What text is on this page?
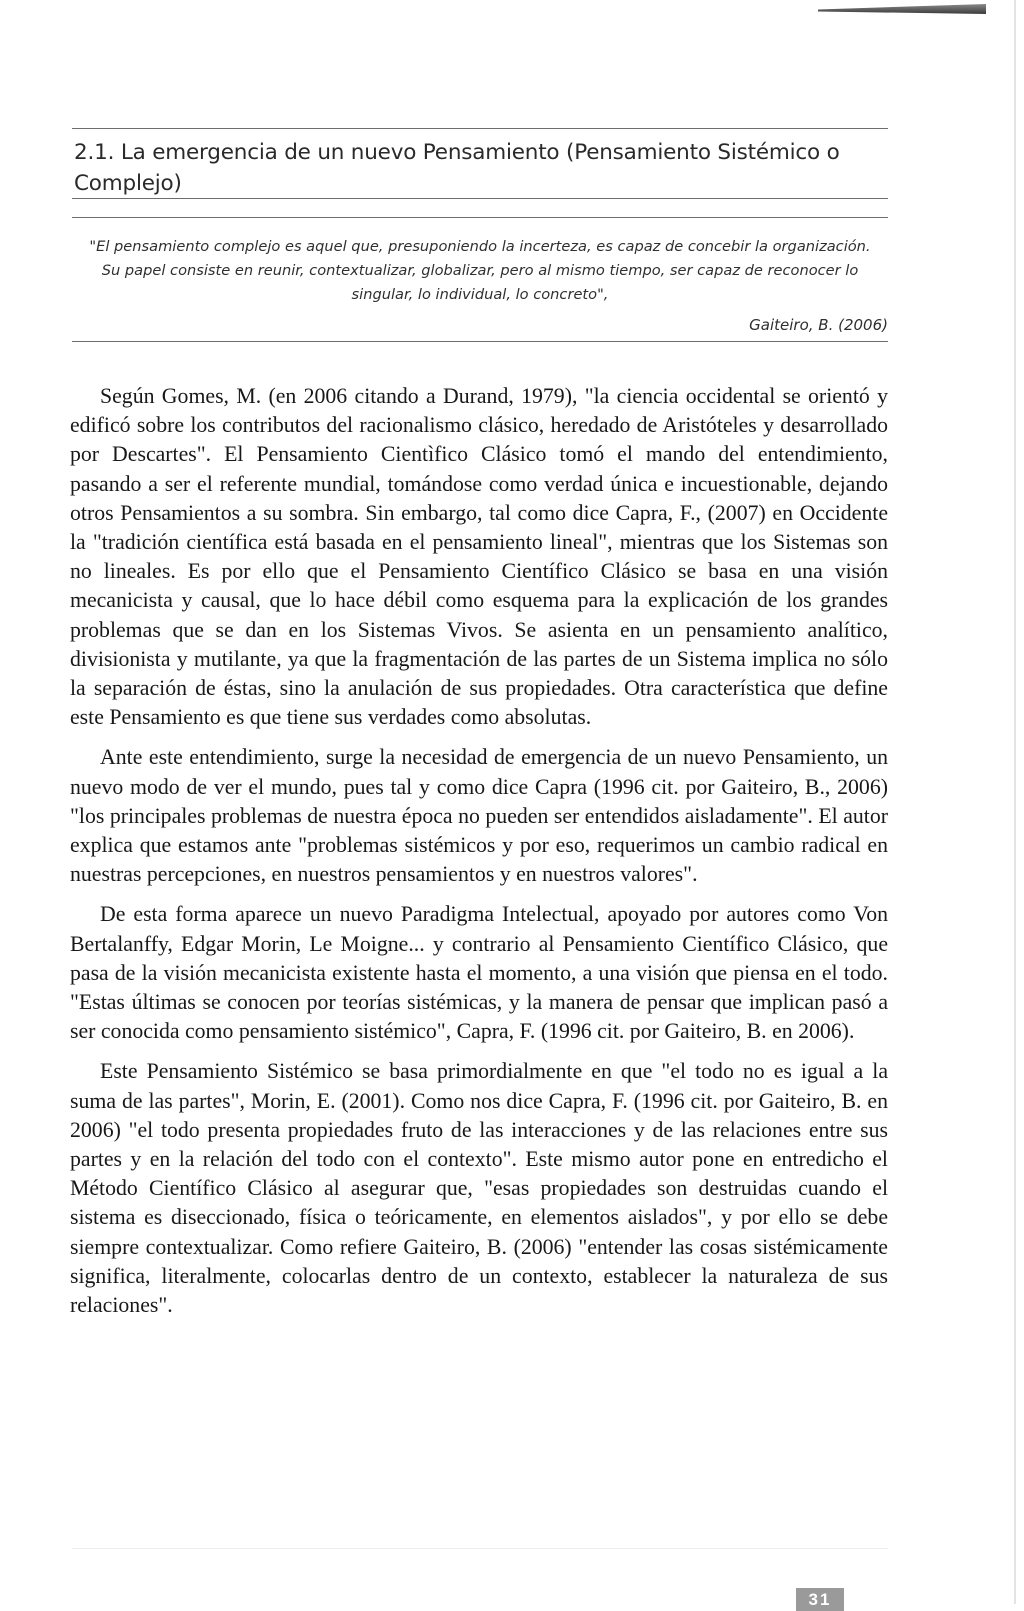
2.1. La emergencia de un nuevo Pensamiento (Pensamiento Sistémico o Complejo)

"El pensamiento complejo es aquel que, presuponiendo la incerteza, es capaz de concebir la organización. Su papel consiste en reunir, contextualizar, globalizar, pero al mismo tiempo, ser capaz de reconocer lo singular, lo individual, lo concreto",

Gaiteiro, B. (2006)

Según Gomes, M. (en 2006 citando a Durand, 1979), "la ciencia occidental se orientó y edificó sobre los contributos del racionalismo clásico, heredado de Aristóteles y desarrollado por Descartes". El Pensamiento Cientìfico Clásico tomó el mando del entendimiento, pasando a ser el referente mundial, tomándose como verdad única e incuestionable, dejando otros Pensamientos a su sombra. Sin embargo, tal como dice Capra, F., (2007) en Occidente la "tradición científica está basada en el pensamiento lineal", mientras que los Sistemas son no lineales. Es por ello que el Pensamiento Científico Clásico se basa en una visión mecanicista y causal, que lo hace débil como esquema para la explicación de los grandes problemas que se dan en los Sistemas Vivos. Se asienta en un pensamiento analítico, divisionista y mutilante, ya que la fragmentación de las partes de un Sistema implica no sólo la separación de éstas, sino la anulación de sus propiedades. Otra característica que define este Pensamiento es que tiene sus verdades como absolutas.

Ante este entendimiento, surge la necesidad de emergencia de un nuevo Pensamiento, un nuevo modo de ver el mundo, pues tal y como dice Capra (1996 cit. por Gaiteiro, B., 2006) "los principales problemas de nuestra época no pueden ser entendidos aisladamente". El autor explica que estamos ante "problemas sistémicos y por eso, requerimos un cambio radical en nuestras percepciones, en nuestros pensamientos y en nuestros valores".

De esta forma aparece un nuevo Paradigma Intelectual, apoyado por autores como Von Bertalanffy, Edgar Morin, Le Moigne... y contrario al Pensamiento Científico Clásico, que pasa de la visión mecanicista existente hasta el momento, a una visión que piensa en el todo. "Estas últimas se conocen por teorías sistémicas, y la manera de pensar que implican pasó a ser conocida como pensamiento sistémico", Capra, F. (1996 cit. por Gaiteiro, B. en 2006).

Este Pensamiento Sistémico se basa primordialmente en que "el todo no es igual a la suma de las partes", Morin, E. (2001). Como nos dice Capra, F. (1996 cit. por Gaiteiro, B. en 2006) "el todo presenta propiedades fruto de las interacciones y de las relaciones entre sus partes y en la relación del todo con el contexto". Este mismo autor pone en entredicho el Método Científico Clásico al asegurar que, "esas propiedades son destruidas cuando el sistema es diseccionado, física o teóricamente, en elementos aislados", y por ello se debe siempre contextualizar. Como refiere Gaiteiro, B. (2006) "entender las cosas sistémicamente significa, literalmente, colocarlas dentro de un contexto, establecer la naturaleza de sus relaciones".

31
